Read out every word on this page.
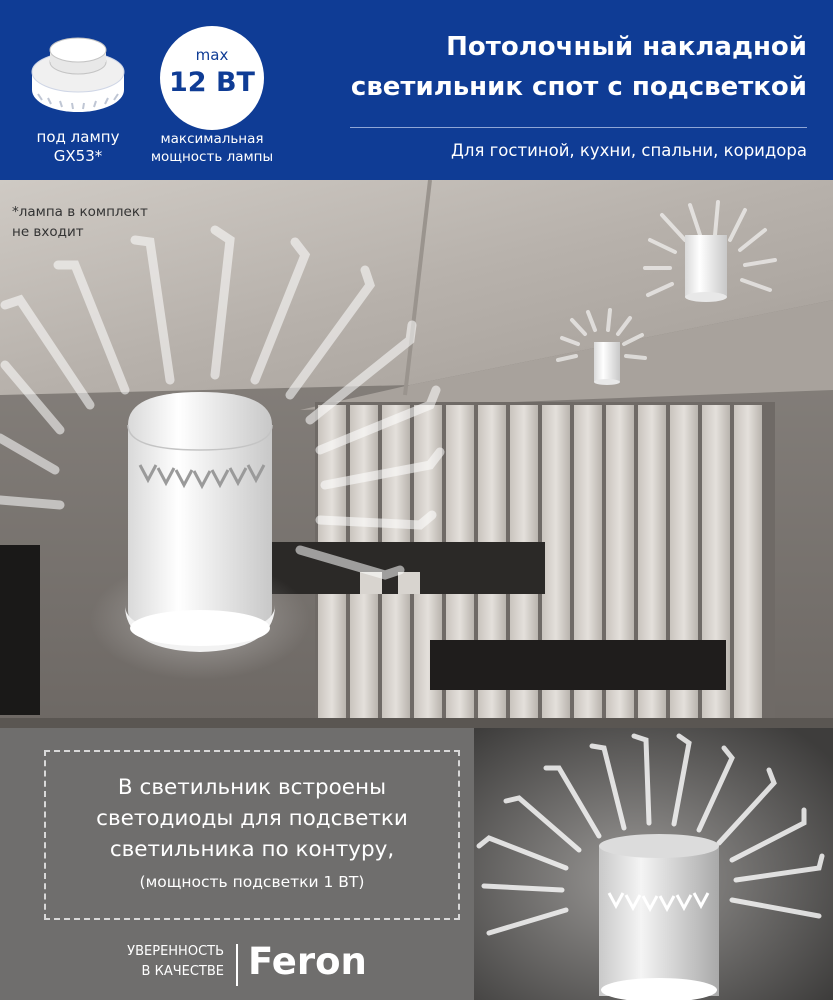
под лампу
GX53*
max
12 ВТ
максимальная
мощность лампы
Потолочный накладной
светильник спот с подсветкой
Для гостиной, кухни, спальни, коридора
*лампа в комплект
не входит
В светильник встроены
светодиоды для подсветки
светильника по контуру,
(мощность подсветки 1 ВТ)
УВЕРЕННОСТЬ
В КАЧЕСТВЕ Feron
